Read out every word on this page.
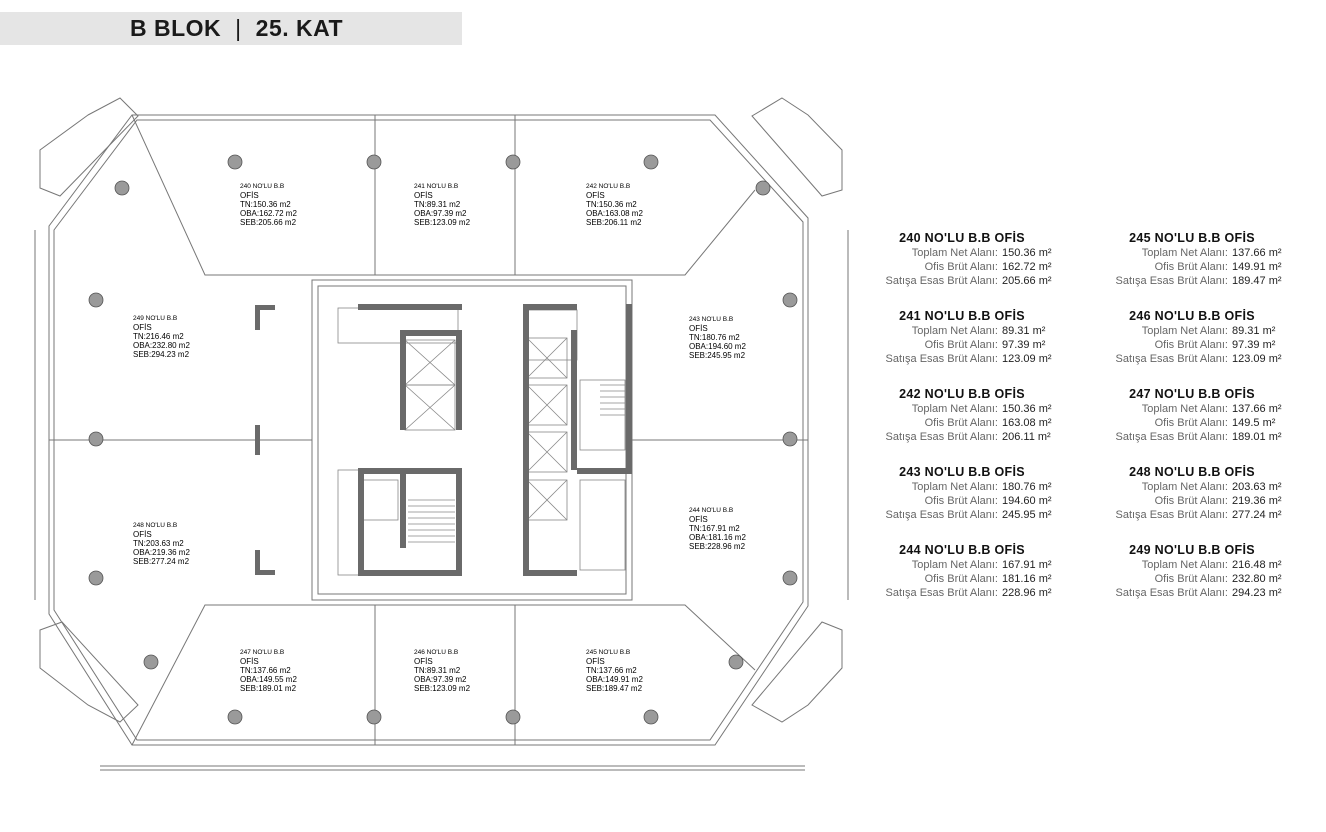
B BLOK | 25. KAT
240 NO'LU B.B
OFİS
TN:150.36 m2
OBA:162.72 m2
SEB:205.66 m2
241 NO'LU B.B
OFİS
TN:89.31 m2
OBA:97.39 m2
SEB:123.09 m2
242 NO'LU B.B
OFİS
TN:150.36 m2
OBA:163.08 m2
SEB:206.11 m2
243 NO'LU B.B
OFİS
TN:180.76 m2
OBA:194.60 m2
SEB:245.95 m2
244 NO'LU B.B
OFİS
TN:167.91 m2
OBA:181.16 m2
SEB:228.96 m2
245 NO'LU B.B
OFİS
TN:137.66 m2
OBA:149.91 m2
SEB:189.47 m2
246 NO'LU B.B
OFİS
TN:89.31 m2
OBA:97.39 m2
SEB:123.09 m2
247 NO'LU B.B
OFİS
TN:137.66 m2
OBA:149.55 m2
SEB:189.01 m2
248 NO'LU B.B
OFİS
TN:203.63 m2
OBA:219.36 m2
SEB:277.24 m2
249 NO'LU B.B
OFİS
TN:216.46 m2
OBA:232.80 m2
SEB:294.23 m2
240 NO'LU B.B OFİS
Toplam Net Alanı: 150.36 m²
Ofis Brüt Alanı: 162.72 m²
Satışa Esas Brüt Alanı: 205.66 m²
241 NO'LU B.B OFİS
Toplam Net Alanı: 89.31 m²
Ofis Brüt Alanı: 97.39 m²
Satışa Esas Brüt Alanı: 123.09 m²
242 NO'LU B.B OFİS
Toplam Net Alanı: 150.36 m²
Ofis Brüt Alanı: 163.08 m²
Satışa Esas Brüt Alanı: 206.11 m²
243 NO'LU B.B OFİS
Toplam Net Alanı: 180.76 m²
Ofis Brüt Alanı: 194.60 m²
Satışa Esas Brüt Alanı: 245.95 m²
244 NO'LU B.B OFİS
Toplam Net Alanı: 167.91 m²
Ofis Brüt Alanı: 181.16 m²
Satışa Esas Brüt Alanı: 228.96 m²
245 NO'LU B.B OFİS
Toplam Net Alanı: 137.66 m²
Ofis Brüt Alanı: 149.91 m²
Satışa Esas Brüt Alanı: 189.47 m²
246 NO'LU B.B OFİS
Toplam Net Alanı: 89.31 m²
Ofis Brüt Alanı: 97.39 m²
Satışa Esas Brüt Alanı: 123.09 m²
247 NO'LU B.B OFİS
Toplam Net Alanı: 137.66 m²
Ofis Brüt Alanı: 149.5 m²
Satışa Esas Brüt Alanı: 189.01 m²
248 NO'LU B.B OFİS
Toplam Net Alanı: 203.63 m²
Ofis Brüt Alanı: 219.36 m²
Satışa Esas Brüt Alanı: 277.24 m²
249 NO'LU B.B OFİS
Toplam Net Alanı: 216.48 m²
Ofis Brüt Alanı: 232.80 m²
Satışa Esas Brüt Alanı: 294.23 m²
